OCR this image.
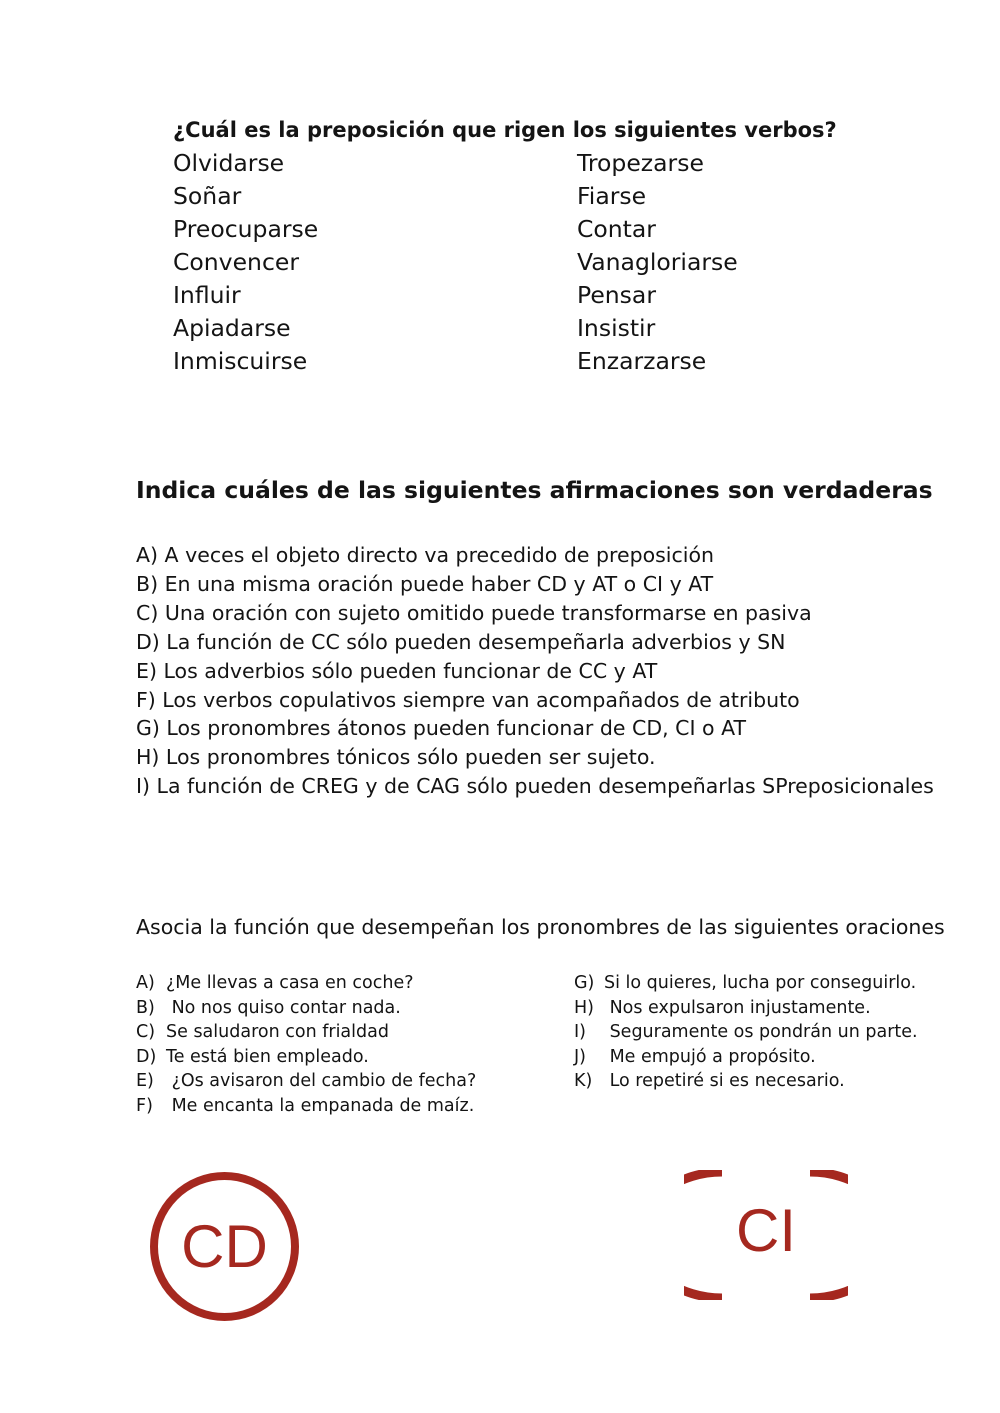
¿Cuál es la preposición que rigen los siguientes verbos?
Olvidarse
Soñar
Preocuparse
Convencer
Influir
Apiadarse
Inmiscuirse
Tropezarse
Fiarse
Contar
Vanagloriarse
Pensar
Insistir
Enzarzarse
Indica cuáles de las siguientes afirmaciones son verdaderas
A) A veces el objeto directo va precedido de preposición
B) En una misma oración puede haber CD y AT o CI y AT
C) Una oración con sujeto omitido puede transformarse en pasiva
D) La función de CC sólo pueden desempeñarla adverbios y SN
E) Los adverbios sólo pueden funcionar de CC y AT
F) Los verbos copulativos siempre van acompañados de atributo
G) Los pronombres átonos pueden funcionar de CD, CI o AT
H) Los pronombres tónicos sólo pueden ser sujeto.
I) La función de CREG y de CAG sólo pueden desempeñarlas SPreposicionales
Asocia la función que desempeñan los pronombres de las siguientes oraciones
A) ¿Me llevas a casa en coche?
B) No nos quiso contar nada.
C) Se saludaron con frialdad
D) Te está bien empleado.
E) ¿Os avisaron del cambio de fecha?
F) Me encanta la empanada de maíz.
G) Si lo quieres, lucha por conseguirlo.
H) Nos expulsaron injustamente.
I) Seguramente os pondrán un parte.
J) Me empujó a propósito.
K) Lo repetiré si es necesario.
CD	CI
